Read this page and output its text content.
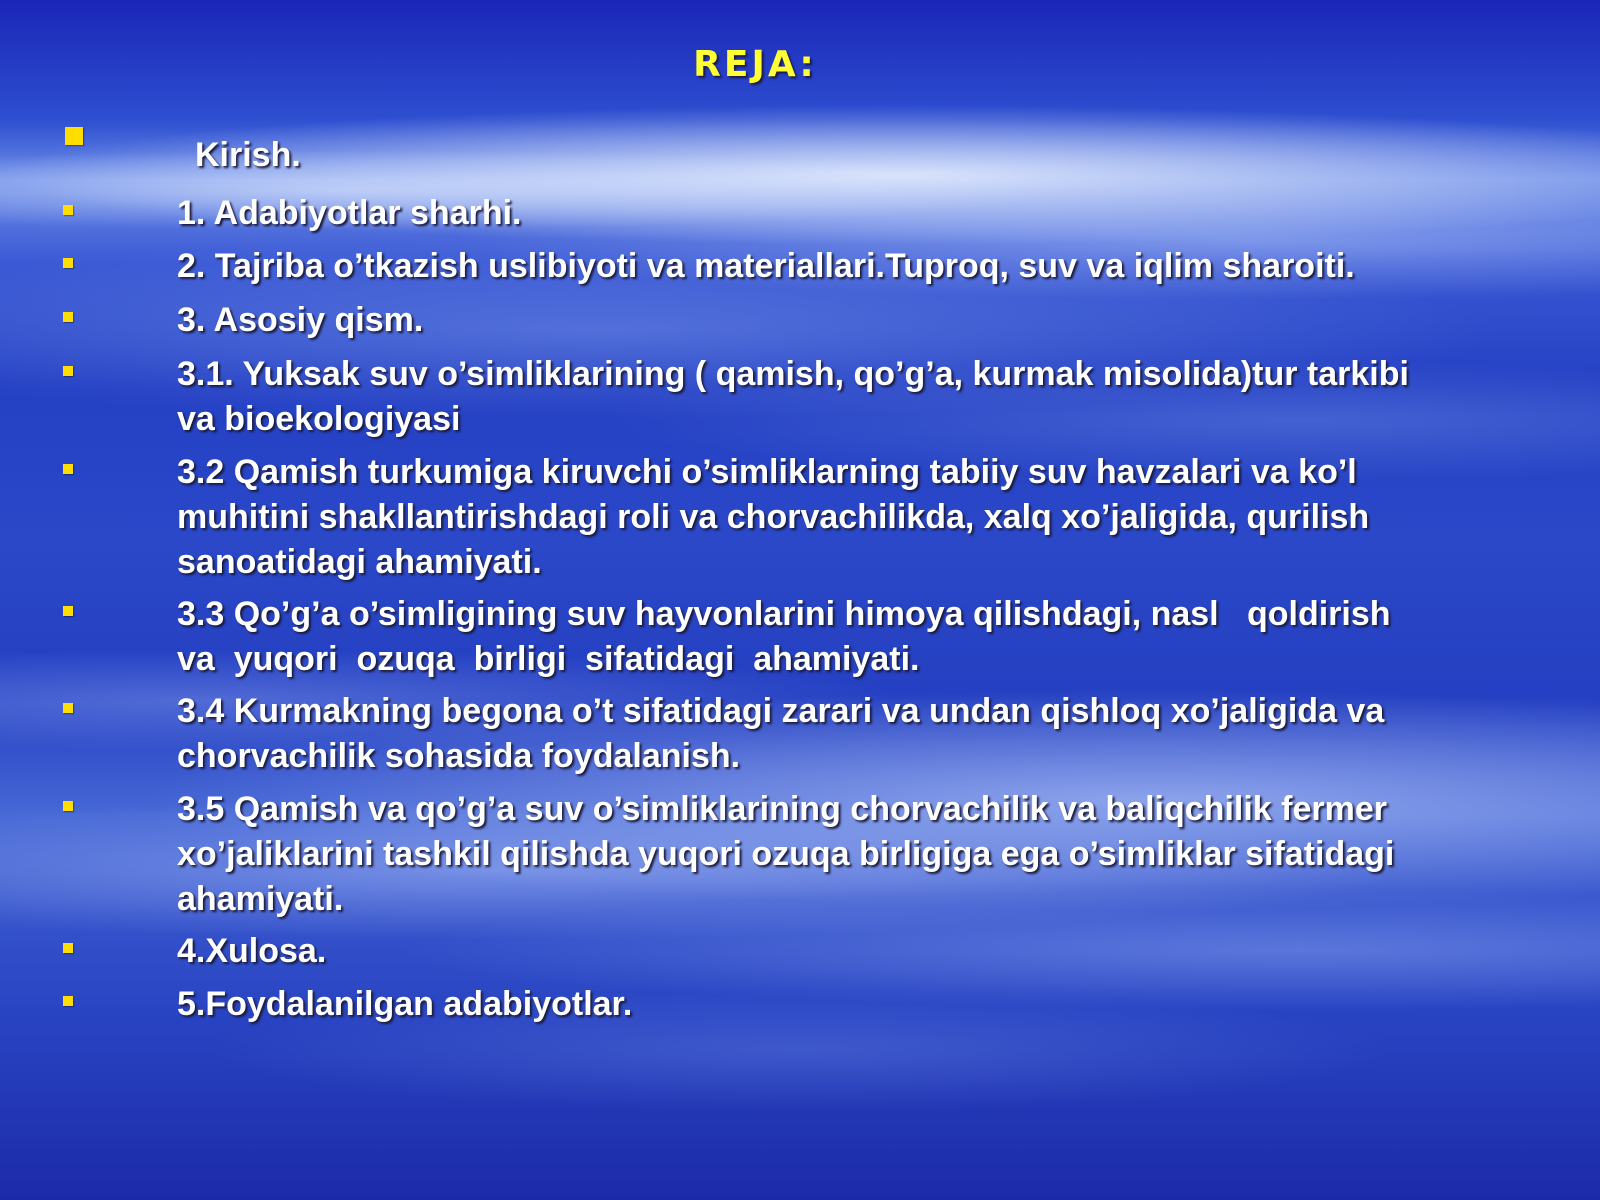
REJA:
Kirish.
1. Adabiyotlar sharhi.
2. Tajriba o’tkazish uslibiyoti va materiallari.Tuproq, suv va iqlim sharoiti.
3. Asosiy qism.
3.1. Yuksak suv o’simliklarining ( qamish, qo’g’a, kurmak misolida)tur tarkibi
va bioekologiyasi
3.2 Qamish turkumiga kiruvchi o’simliklarning tabiiy suv havzalari va ko’l
muhitini shakllantirishdagi roli va chorvachilikda, xalq xo’jaligida, qurilish
sanoatidagi ahamiyati.
3.3 Qo’g’a o’simligining suv hayvonlarini himoya qilishdagi, nasl   qoldirish
va  yuqori  ozuqa  birligi  sifatidagi  ahamiyati.
3.4 Kurmakning begona o’t sifatidagi zarari va undan qishloq xo’jaligida va
chorvachilik sohasida foydalanish.
3.5 Qamish va qo’g’a suv o’simliklarining chorvachilik va baliqchilik fermer
xo’jaliklarini tashkil qilishda yuqori ozuqa birligiga ega o’simliklar sifatidagi
ahamiyati.
4.Xulosa.
5.Foydalanilgan adabiyotlar.
